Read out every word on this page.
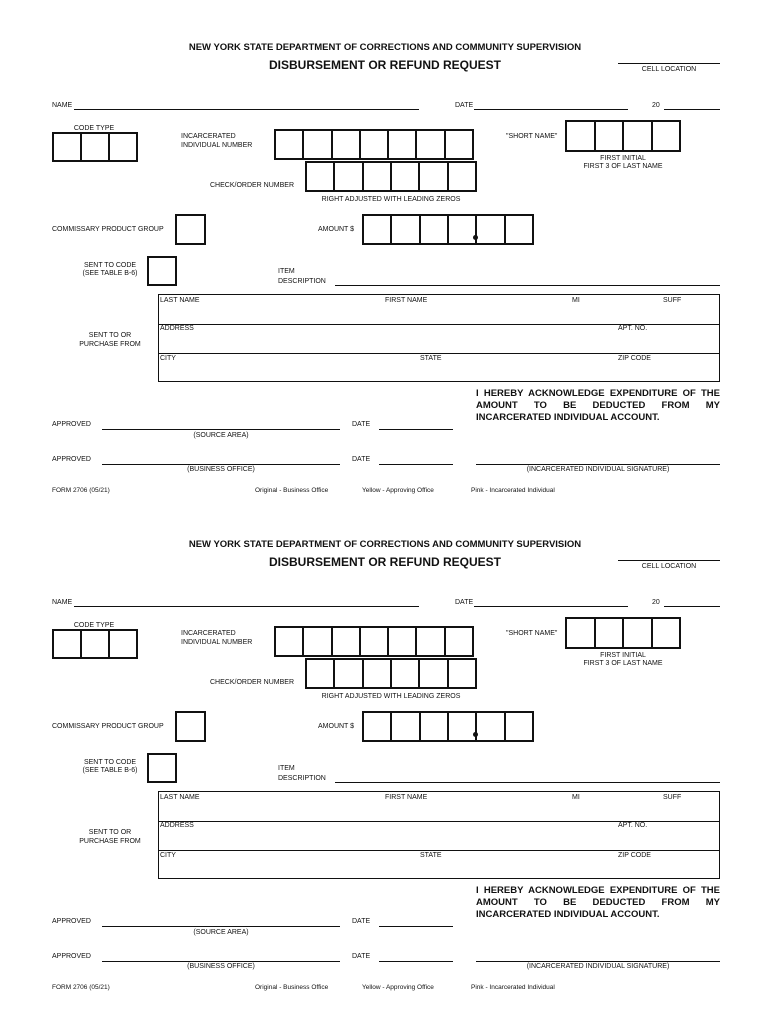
NEW YORK STATE DEPARTMENT OF CORRECTIONS AND COMMUNITY SUPERVISION
DISBURSEMENT OR REFUND REQUEST	CELL LOCATION
NAME	DATE	20
CODE TYPE
INCARCERATED
INDIVIDUAL NUMBER
"SHORT NAME"
FIRST INITIAL
FIRST 3 OF LAST NAME
CHECK/ORDER NUMBER
RIGHT ADJUSTED WITH LEADING ZEROS
COMMISSARY PRODUCT GROUP	AMOUNT $
SENT TO CODE
(SEE TABLE B-6)	ITEM
DESCRIPTION
LAST NAME	FIRST NAME	MI	SUFF
ADDRESS	APT. NO.
CITY	STATE	ZIP CODE
SENT TO OR
PURCHASE FROM
I HEREBY ACKNOWLEDGE EXPENDITURE OF THE AMOUNT TO BE DEDUCTED FROM MY INCARCERATED INDIVIDUAL ACCOUNT.
APPROVED
(SOURCE AREA)
DATE
APPROVED
(BUSINESS OFFICE)
DATE
(INCARCERATED INDIVIDUAL SIGNATURE)
FORM 2706 (05/21)	Original - Business Office	Yellow - Approving Office	Pink - Incarcerated Individual
NEW YORK STATE DEPARTMENT OF CORRECTIONS AND COMMUNITY SUPERVISION
DISBURSEMENT OR REFUND REQUEST	CELL LOCATION
NAME	DATE	20
CODE TYPE
INCARCERATED
INDIVIDUAL NUMBER
"SHORT NAME"
FIRST INITIAL
FIRST 3 OF LAST NAME
CHECK/ORDER NUMBER
RIGHT ADJUSTED WITH LEADING ZEROS
COMMISSARY PRODUCT GROUP	AMOUNT $
SENT TO CODE
(SEE TABLE B-6)	ITEM
DESCRIPTION
LAST NAME	FIRST NAME	MI	SUFF
ADDRESS	APT. NO.
CITY	STATE	ZIP CODE
SENT TO OR
PURCHASE FROM
I HEREBY ACKNOWLEDGE EXPENDITURE OF THE AMOUNT TO BE DEDUCTED FROM MY INCARCERATED INDIVIDUAL ACCOUNT.
APPROVED
(SOURCE AREA)
DATE
APPROVED
(BUSINESS OFFICE)
DATE
(INCARCERATED INDIVIDUAL SIGNATURE)
FORM 2706 (05/21)	Original - Business Office	Yellow - Approving Office	Pink - Incarcerated Individual
